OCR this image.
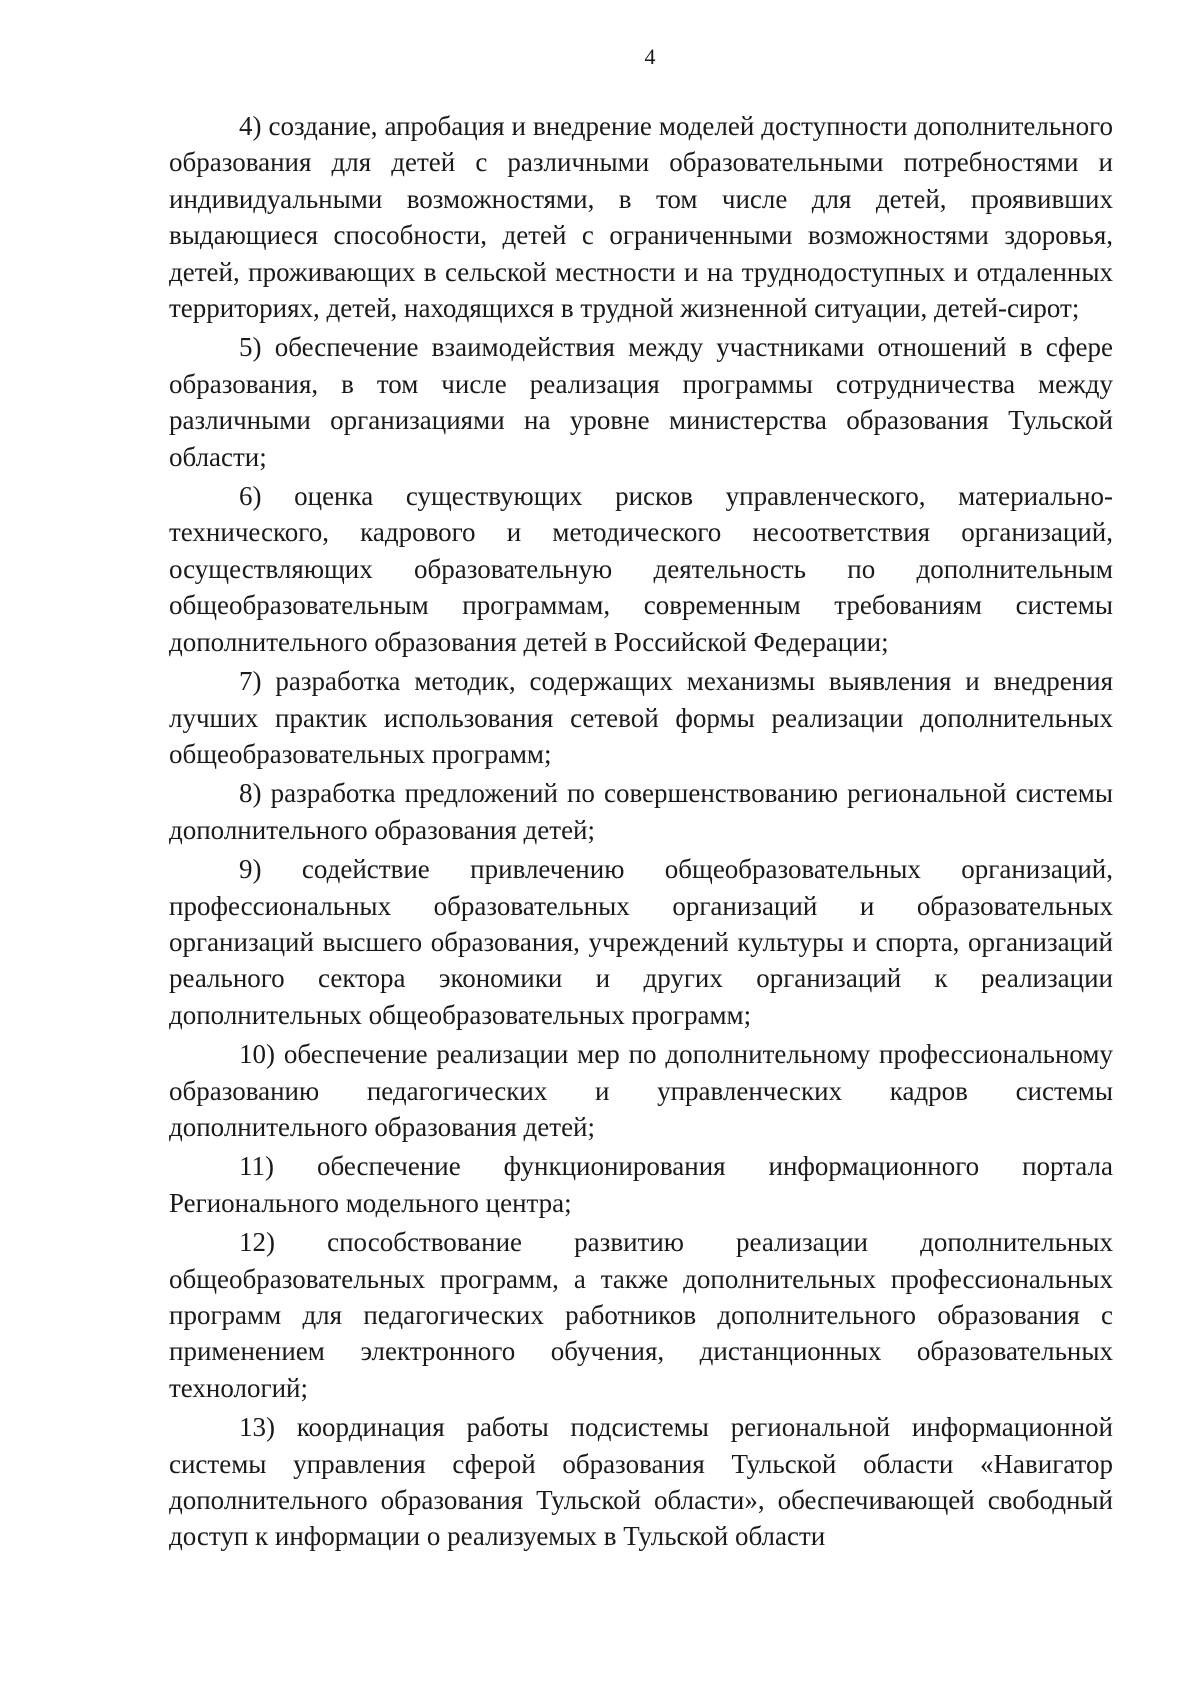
4

4) создание, апробация и внедрение моделей доступности дополнительного образования для детей с различными образовательными потребностями и индивидуальными возможностями, в том числе для детей, проявивших выдающиеся способности, детей с ограниченными возможностями здоровья, детей, проживающих в сельской местности и на труднодоступных и отдаленных территориях, детей, находящихся в трудной жизненной ситуации, детей-сирот;

5) обеспечение взаимодействия между участниками отношений в сфере образования, в том числе реализация программы сотрудничества между различными организациями на уровне министерства образования Тульской области;

6) оценка существующих рисков управленческого, материально-технического, кадрового и методического несоответствия организаций, осуществляющих образовательную деятельность по дополнительным общеобразовательным программам, современным требованиям системы дополнительного образования детей в Российской Федерации;

7) разработка методик, содержащих механизмы выявления и внедрения лучших практик использования сетевой формы реализации дополнительных общеобразовательных программ;

8) разработка предложений по совершенствованию региональной системы дополнительного образования детей;

9) содействие привлечению общеобразовательных организаций, профессиональных образовательных организаций и образовательных организаций высшего образования, учреждений культуры и спорта, организаций реального сектора экономики и других организаций к реализации дополнительных общеобразовательных программ;

10) обеспечение реализации мер по дополнительному профессиональному образованию педагогических и управленческих кадров системы дополнительного образования детей;

11) обеспечение функционирования информационного портала Регионального модельного центра;

12) способствование развитию реализации дополнительных общеобразовательных программ, а также дополнительных профессиональных программ для педагогических работников дополнительного образования с применением электронного обучения, дистанционных образовательных технологий;

13) координация работы подсистемы региональной информационной системы управления сферой образования Тульской области «Навигатор дополнительного образования Тульской области», обеспечивающей свободный доступ к информации о реализуемых в Тульской области
